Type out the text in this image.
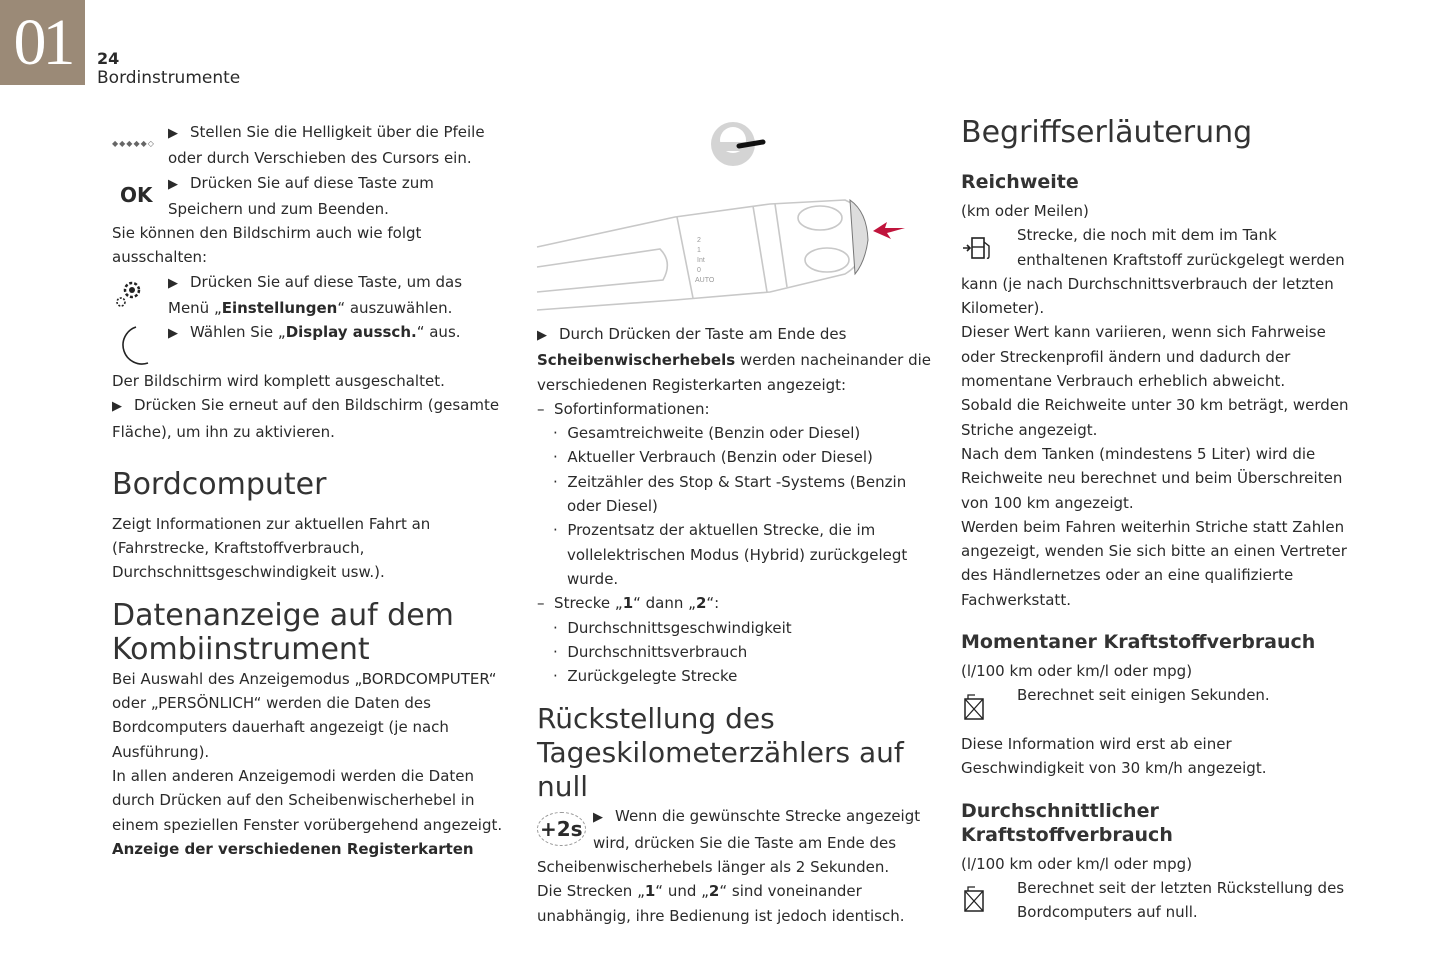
01	24
Bordinstrumente
◆◆◆◆◆◇

▶ Stellen Sie die Helligkeit über die Pfeile oder durch Verschieben des Cursors ein.

OK	▶ Drücken Sie auf diese Taste zum Speichern und zum Beenden.

Sie können den Bildschirm auch wie folgt ausschalten:

▶ Drücken Sie auf diese Taste, um das Menü „Einstellungen“ auszuwählen.

▶ Wählen Sie „Display aussch.“ aus.

Der Bildschirm wird komplett ausgeschaltet.

▶ Drücken Sie erneut auf den Bildschirm (gesamte Fläche), um ihn zu aktivieren.

Bordcomputer

Zeigt Informationen zur aktuellen Fahrt an (Fahrstrecke, Kraftstoffverbrauch, Durchschnittsgeschwindigkeit usw.).

Datenanzeige auf dem Kombiinstrument

Bei Auswahl des Anzeigemodus „BORDCOMPUTER“ oder „PERSÖNLICH“ werden die Daten des Bordcomputers dauerhaft angezeigt (je nach Ausführung).

In allen anderen Anzeigemodi werden die Daten durch Drücken auf den Scheibenwischerhebel in einem speziellen Fenster vorübergehend angezeigt.

Anzeige der verschiedenen Registerkarten

AUTO
2
1
Int
0

▶ Durch Drücken der Taste am Ende des Scheibenwischerhebels werden nacheinander die verschiedenen Registerkarten angezeigt:

–  Sofortinformationen:

·  Gesamtreichweite (Benzin oder Diesel)

·  Aktueller Verbrauch (Benzin oder Diesel)

·  Zeitzähler des Stop & Start -Systems (Benzin oder Diesel)

·  Prozentsatz der aktuellen Strecke, die im vollelektrischen Modus (Hybrid) zurückgelegt wurde.

–  Strecke „1“ dann „2“:

·  Durchschnittsgeschwindigkeit

·  Durchschnittsverbrauch

·  Zurückgelegte Strecke

Rückstellung des Tageskilometerzählers auf null
+2s ▶ Wenn die gewünschte Strecke angezeigt wird, drücken Sie die Taste am Ende des Scheibenwischerhebels länger als 2 Sekunden.

Die Strecken „1“ und „2“ sind voneinander unabhängig, ihre Bedienung ist jedoch identisch.

Begriffserläuterung
Reichweite

(km oder Meilen)

Strecke, die noch mit dem im Tank enthaltenen Kraftstoff zurückgelegt werden kann (je nach Durchschnittsverbrauch der letzten Kilometer).

Dieser Wert kann variieren, wenn sich Fahrweise oder Streckenprofil ändern und dadurch der momentane Verbrauch erheblich abweicht.

Sobald die Reichweite unter 30 km beträgt, werden Striche angezeigt.

Nach dem Tanken (mindestens 5 Liter) wird die Reichweite neu berechnet und beim Überschreiten von 100 km angezeigt.

Werden beim Fahren weiterhin Striche statt Zahlen angezeigt, wenden Sie sich bitte an einen Vertreter des Händlernetzes oder an eine qualifizierte Fachwerkstatt.

Momentaner Kraftstoffverbrauch

(l/100 km oder km/l oder mpg)

Berechnet seit einigen Sekunden.

Diese Information wird erst ab einer Geschwindigkeit von 30 km/h angezeigt.

Durchschnittlicher Kraftstoffverbrauch

(l/100 km oder km/l oder mpg)

Berechnet seit der letzten Rückstellung des Bordcomputers auf null.
